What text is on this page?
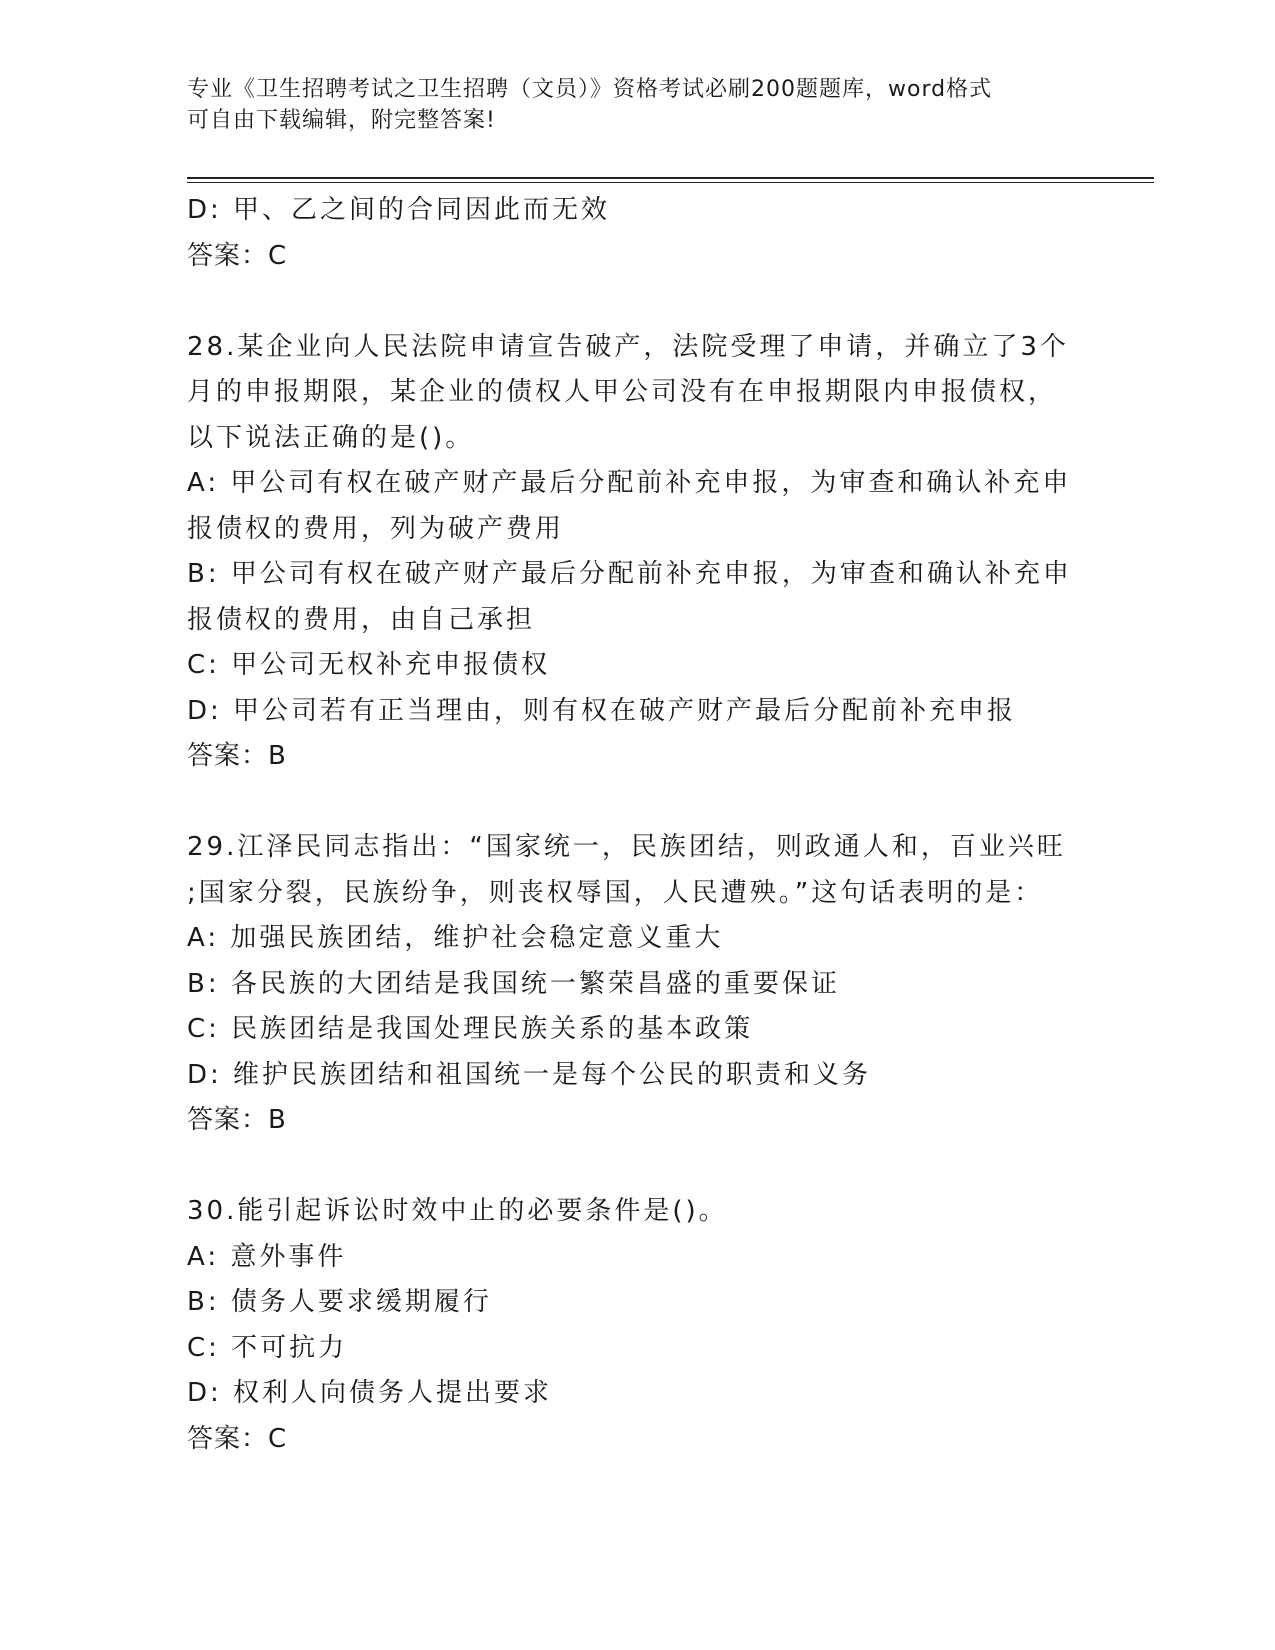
专业《卫生招聘考试之卫生招聘（文员）》资格考试必刷200题题库，word格式
可自由下载编辑，附完整答案!
D: 甲、乙之间的合同因此而无效
答案：C
28.某企业向人民法院申请宣告破产，法院受理了申请，并确立了3个
月的申报期限，某企业的债权人甲公司没有在申报期限内申报债权，
以下说法正确的是()。
A: 甲公司有权在破产财产最后分配前补充申报，为审查和确认补充申
报债权的费用，列为破产费用
B: 甲公司有权在破产财产最后分配前补充申报，为审查和确认补充申
报债权的费用，由自己承担
C: 甲公司无权补充申报债权
D: 甲公司若有正当理由，则有权在破产财产最后分配前补充申报
答案：B
29.江泽民同志指出：“国家统一，民族团结，则政通人和，百业兴旺
;国家分裂，民族纷争，则丧权辱国，人民遭殃。”这句话表明的是：
A: 加强民族团结，维护社会稳定意义重大
B: 各民族的大团结是我国统一繁荣昌盛的重要保证
C: 民族团结是我国处理民族关系的基本政策
D: 维护民族团结和祖国统一是每个公民的职责和义务
答案：B
30.能引起诉讼时效中止的必要条件是()。
A: 意外事件
B: 债务人要求缓期履行
C: 不可抗力
D: 权利人向债务人提出要求
答案：C
